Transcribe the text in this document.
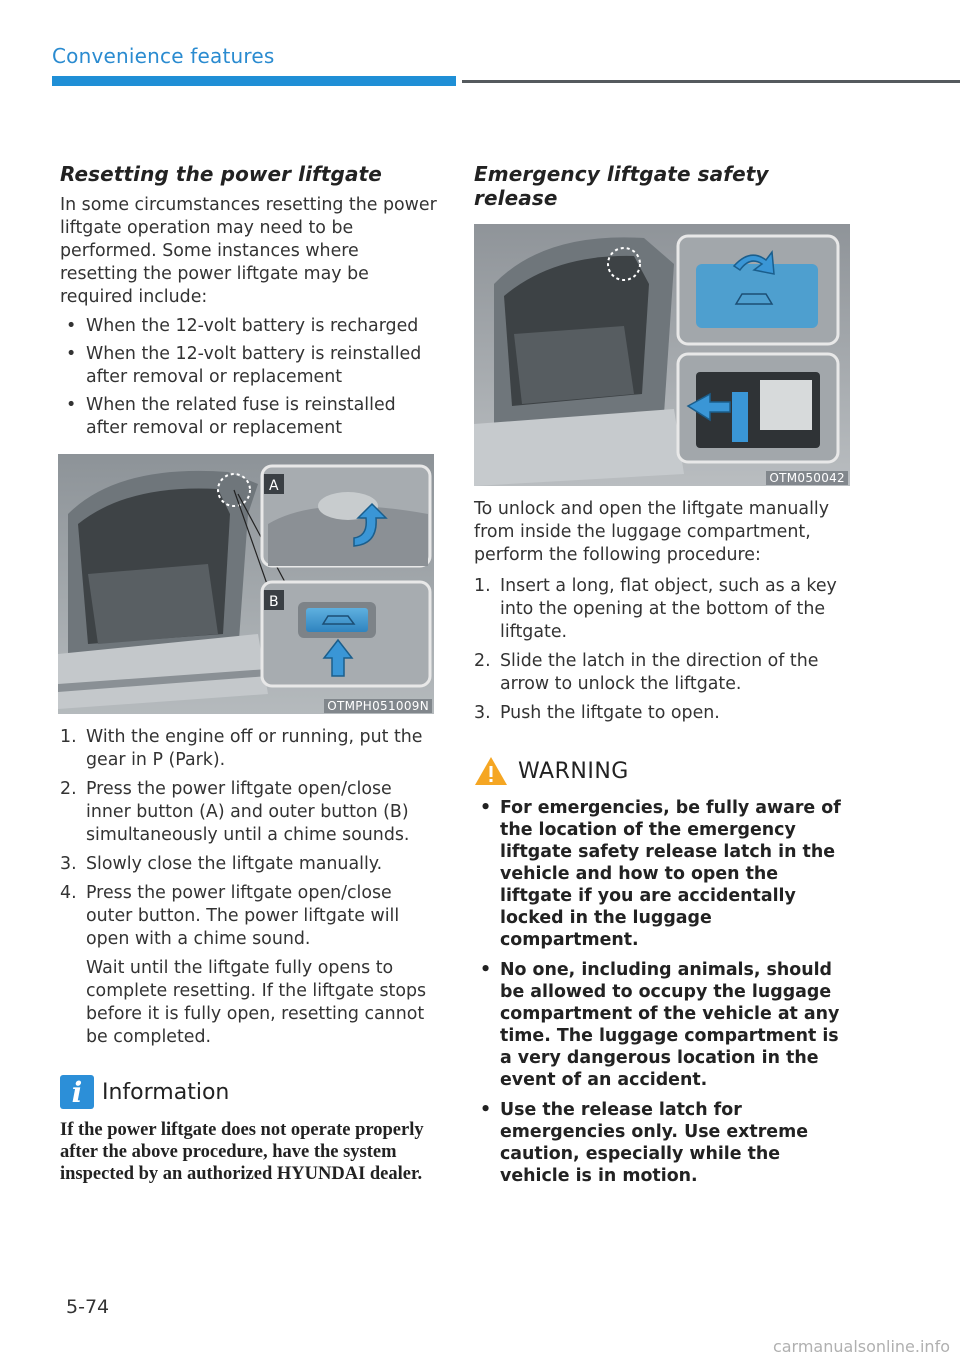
Convenience features
Resetting the power liftgate

In some circumstances resetting the power liftgate operation may need to be performed. Some instances where resetting the power liftgate may be required include:

• When the 12-volt battery is recharged
• When the 12-volt battery is reinstalled after removal or replacement
• When the related fuse is reinstalled after removal or replacement
A
B
OTMPH051009N
1. With the engine off or running, put the gear in P (Park).
2. Press the power liftgate open/close inner button (A) and outer button (B) simultaneously until a chime sounds.
3. Slowly close the liftgate manually.
4. Press the power liftgate open/close outer button. The power liftgate will open with a chime sound.
Wait until the liftgate fully opens to complete resetting. If the liftgate stops before it is fully open, resetting cannot be completed.
i Information
If the power liftgate does not operate properly after the above procedure, have the system inspected by an authorized HYUNDAI dealer.
Emergency liftgate safety release
OTM050042

To unlock and open the liftgate manually from inside the luggage compartment, perform the following procedure:

1. Insert a long, flat object, such as a key into the opening at the bottom of the liftgate.
2. Slide the latch in the direction of the arrow to unlock the liftgate.
3. Push the liftgate to open.
WARNING
• For emergencies, be fully aware of the location of the emergency liftgate safety release latch in the vehicle and how to open the liftgate if you are accidentally locked in the luggage compartment.
• No one, including animals, should be allowed to occupy the luggage compartment of the vehicle at any time. The luggage compartment is a very dangerous location in the event of an accident.
• Use the release latch for emergencies only. Use extreme caution, especially while the vehicle is in motion.
5-74
carmanualsonline.info
